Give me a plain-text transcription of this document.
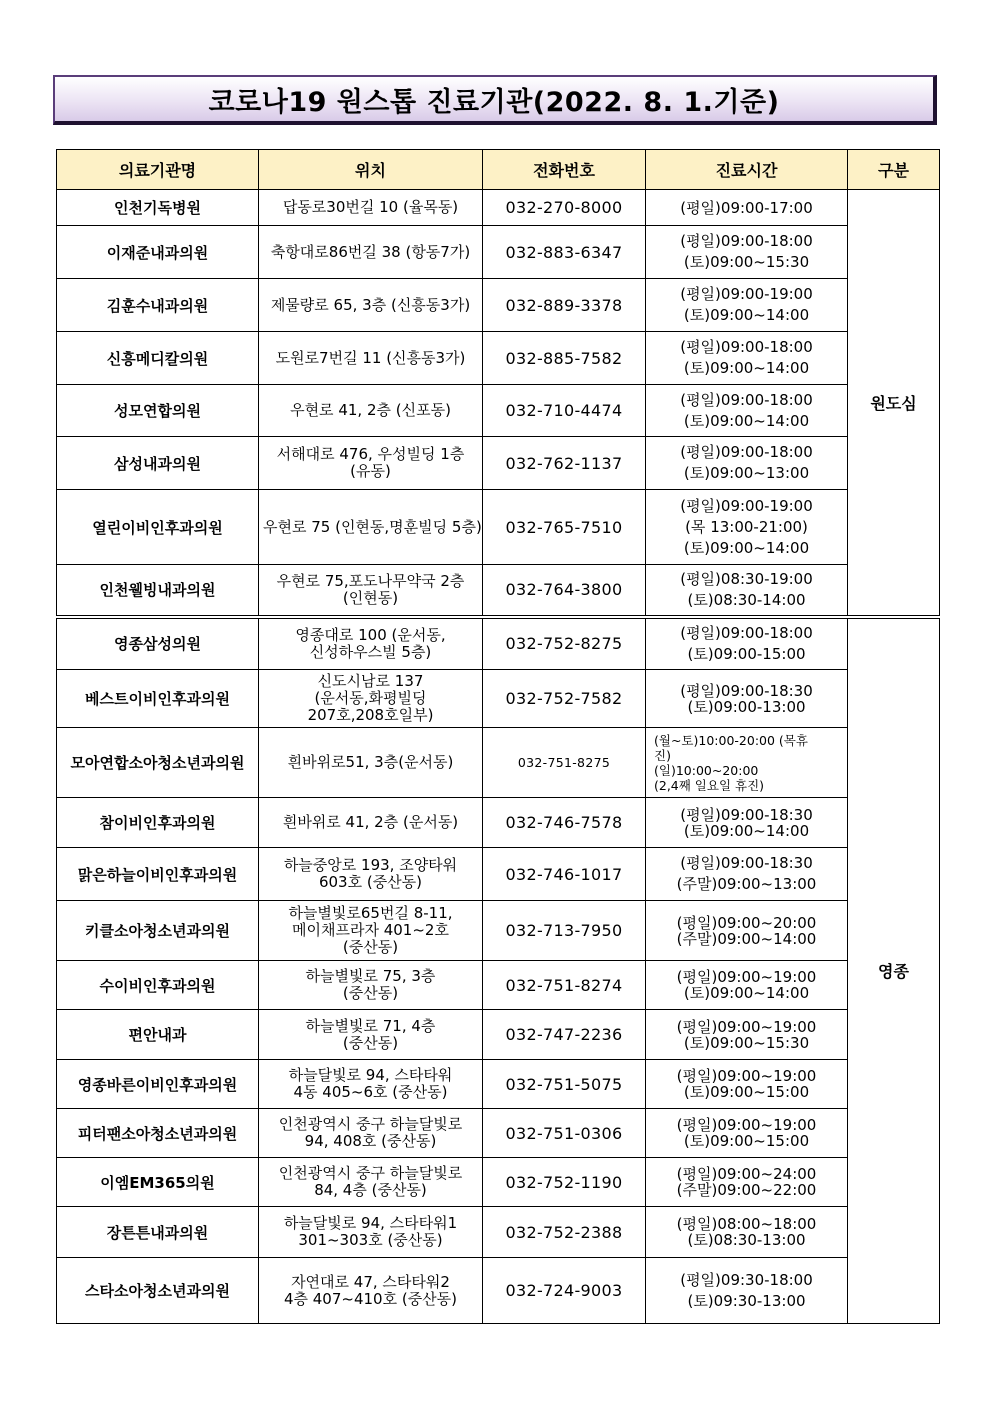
코로나19 원스톱 진료기관(2022. 8. 1.기준)
의료기관명	위치	전화번호	진료시간	구분
인천기독병원	답동로30번길 10 (율목동)	032-270-8000	(평일)09:00-17:00	원도심
이재준내과의원	축항대로86번길 38 (항동7가)	032-883-6347	(평일)09:00-18:00
(토)09:00~15:30	

김훈수내과의원	제물량로 65, 3층 (신흥동3가)	032-889-3378	(평일)09:00-19:00
(토)09:00~14:00	

신흥메디칼의원	도원로7번길 11 (신흥동3가)	032-885-7582	(평일)09:00-18:00
(토)09:00~14:00	

성모연합의원	우현로 41, 2층 (신포동)	032-710-4474	(평일)09:00-18:00
(토)09:00~14:00	

삼성내과의원	서해대로 476, 우성빌딩 1층
(유동)	032-762-1137	(평일)09:00-18:00
(토)09:00~13:00	

열린이비인후과의원	우현로 75 (인현동,명훈빌딩 5층)	032-765-7510	(평일)09:00-19:00
(목 13:00-21:00)
(토)09:00~14:00	

인천웰빙내과의원	우현로 75,포도나무약국 2층
(인현동)	032-764-3800	(평일)08:30-19:00
(토)08:30-14:00	

영종삼성의원	영종대로 100 (운서동,
신성하우스빌 5층)	032-752-8275	(평일)09:00-18:00
(토)09:00-15:00	영종
베스트이비인후과의원	신도시남로 137
(운서동,화평빌딩
207호,208호일부)	032-752-7582	(평일)09:00-18:30
(토)09:00-13:00	

모아연합소아청소년과의원	흰바위로51, 3층(운서동)	032-751-8275	(월~토)10:00-20:00 (목휴
진)
(일)10:00~20:00
(2,4째 일요일 휴진)	

참이비인후과의원	흰바위로 41, 2층 (운서동)	032-746-7578	(평일)09:00-18:30
(토)09:00~14:00	

맑은하늘이비인후과의원	하늘중앙로 193, 조양타워
603호 (중산동)	032-746-1017	(평일)09:00-18:30
(주말)09:00~13:00	

키클소아청소년과의원	하늘별빛로65번길 8-11,
메이채프라자 401~2호
(중산동)	032-713-7950	(평일)09:00~20:00
(주말)09:00~14:00	

수이비인후과의원	하늘별빛로 75, 3층
(중산동)	032-751-8274	(평일)09:00~19:00
(토)09:00~14:00	

편안내과	하늘별빛로 71, 4층
(중산동)	032-747-2236	(평일)09:00~19:00
(토)09:00~15:30	

영종바른이비인후과의원	하늘달빛로 94, 스타타워
4동 405~6호 (중산동)	032-751-5075	(평일)09:00~19:00
(토)09:00~15:00	

피터팬소아청소년과의원	인천광역시 중구 하늘달빛로
94, 408호 (중산동)	032-751-0306	(평일)09:00~19:00
(토)09:00~15:00	

이엠EM365의원	인천광역시 중구 하늘달빛로
84, 4층 (중산동)	032-752-1190	(평일)09:00~24:00
(주말)09:00~22:00	

장튼튼내과의원	하늘달빛로 94, 스타타워1
301~303호 (중산동)	032-752-2388	(평일)08:00~18:00
(토)08:30-13:00	

스타소아청소년과의원	자연대로 47, 스타타워2
4층 407~410호 (중산동)	032-724-9003	(평일)09:30-18:00
(토)09:30-13:00	
